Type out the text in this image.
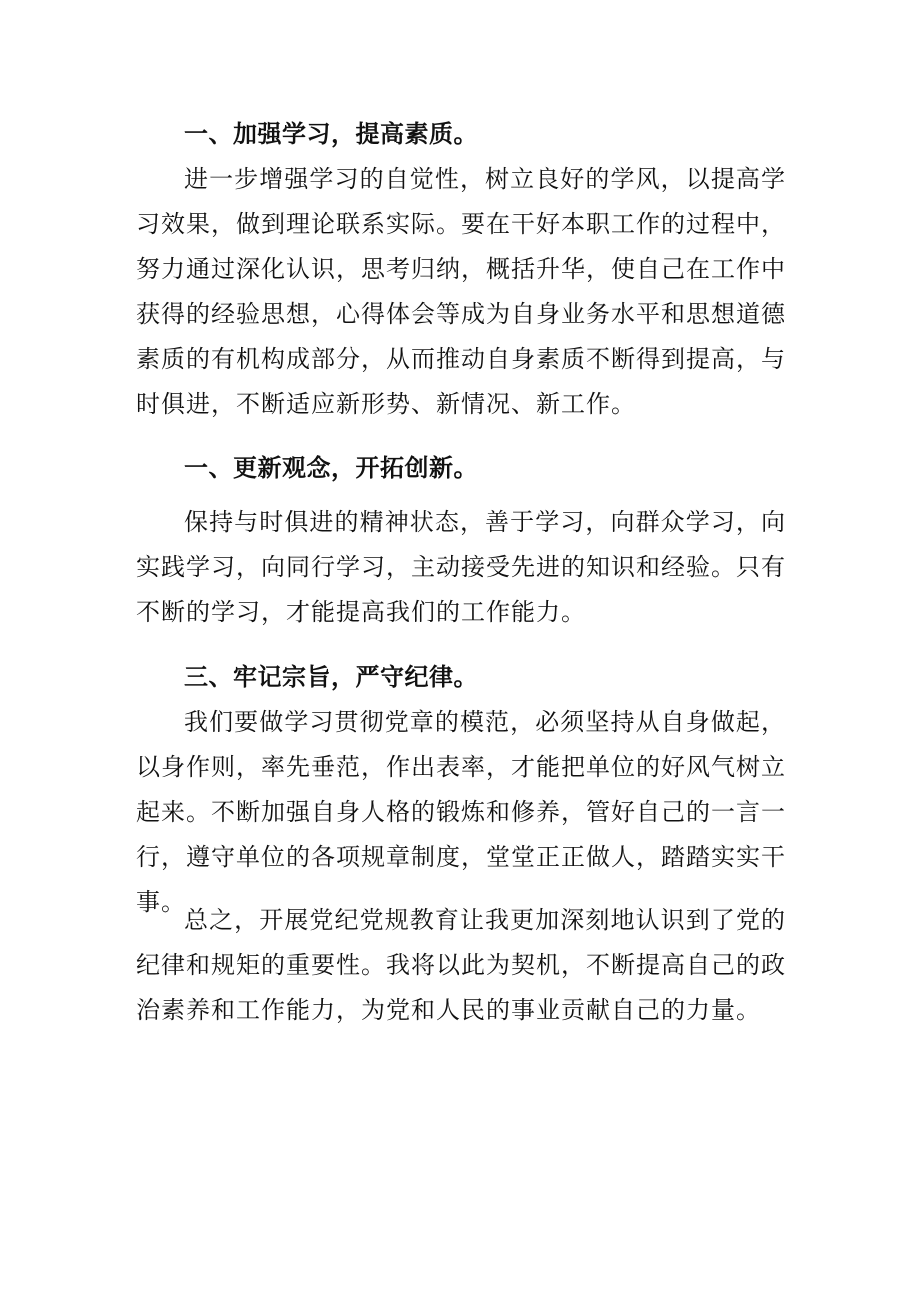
一、加强学习，提高素质。

进一步增强学习的自觉性，树立良好的学风，以提高学习效果，做到理论联系实际。要在干好本职工作的过程中，努力通过深化认识，思考归纳，概括升华，使自己在工作中获得的经验思想，心得体会等成为自身业务水平和思想道德素质的有机构成部分，从而推动自身素质不断得到提高，与时俱进，不断适应新形势、新情况、新工作。

一、更新观念，开拓创新。

保持与时俱进的精神状态，善于学习，向群众学习，向实践学习，向同行学习，主动接受先进的知识和经验。只有不断的学习，才能提高我们的工作能力。

三、牢记宗旨，严守纪律。

我们要做学习贯彻党章的模范，必须坚持从自身做起，以身作则，率先垂范，作出表率，才能把单位的好风气树立起来。不断加强自身人格的锻炼和修养，管好自己的一言一行，遵守单位的各项规章制度，堂堂正正做人，踏踏实实干事。

总之，开展党纪党规教育让我更加深刻地认识到了党的纪律和规矩的重要性。我将以此为契机，不断提高自己的政治素养和工作能力，为党和人民的事业贡献自己的力量。
